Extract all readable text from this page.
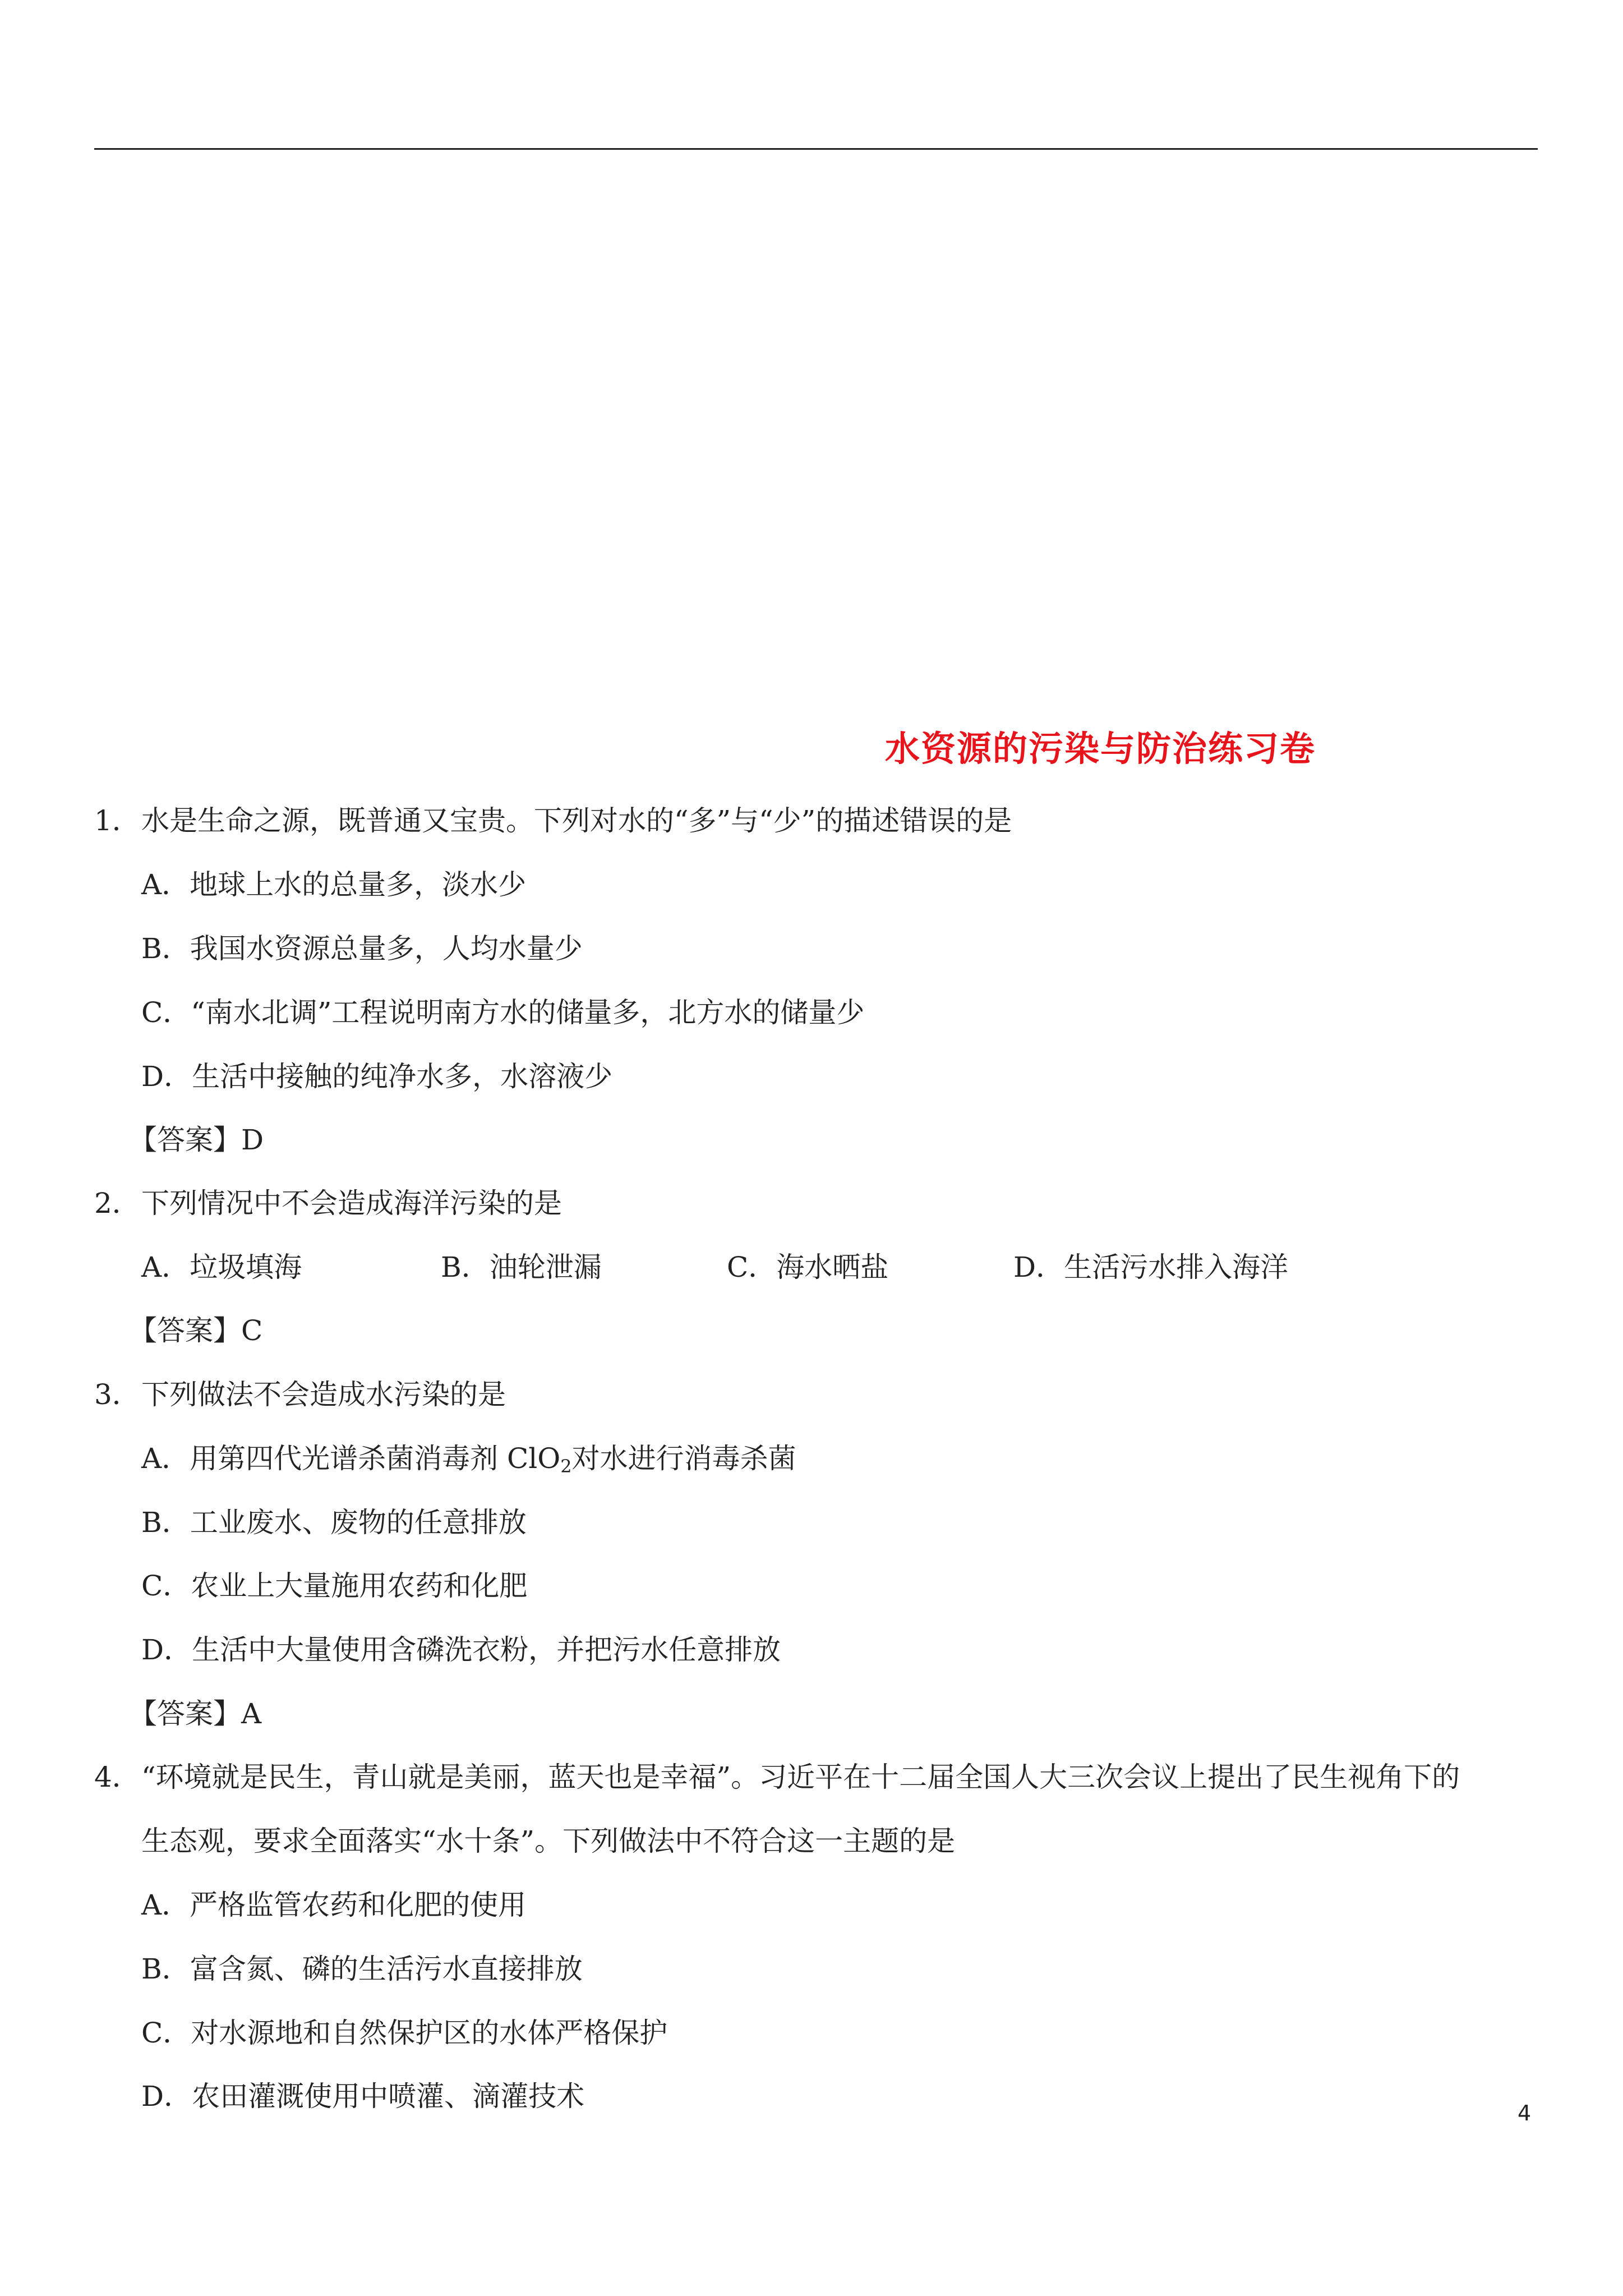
水资源的污染与防治练习卷
1．水是生命之源，既普通又宝贵。下列对水的“多”与“少”的描述错误的是
A．地球上水的总量多，淡水少
B．我国水资源总量多，人均水量少
C．“南水北调”工程说明南方水的储量多，北方水的储量少
D．生活中接触的纯净水多，水溶液少
【答案】D
2．下列情况中不会造成海洋污染的是
A．垃圾填海	B．油轮泄漏	C．海水晒盐	D．生活污水排入海洋
【答案】C
3．下列做法不会造成水污染的是
A．用第四代光谱杀菌消毒剂 ClO$_2$对水进行消毒杀菌
B．工业废水、废物的任意排放
C．农业上大量施用农药和化肥
D．生活中大量使用含磷洗衣粉，并把污水任意排放
【答案】A
4．“环境就是民生，青山就是美丽，蓝天也是幸福”。习近平在十二届全国人大三次会议上提出了民生视角下的
生态观，要求全面落实“水十条”。下列做法中不符合这一主题的是
A．严格监管农药和化肥的使用
B．富含氮、磷的生活污水直接排放
C．对水源地和自然保护区的水体严格保护
D．农田灌溉使用中喷灌、滴灌技术
4
